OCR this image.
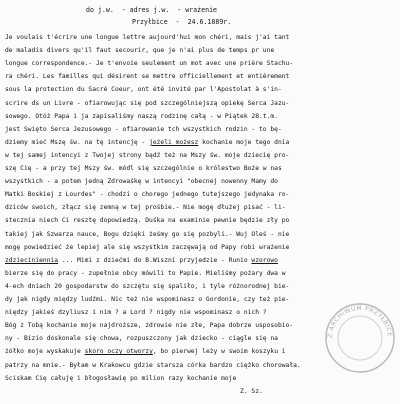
do j.w.  - adres j.w.  - wrażenie
Przyłbice  -  24.6.1889r.
Je voulais t'écrire une longue lettre aujourd'hui mon chéri, mais j'ai tant
de maladis divers qu'il faut secourir, que je n'ai plus de temps pr une
longue correspondence.- Je t'envoie seulement un mot avec une prière Stachu-
ra chéri. Les familles qui désirent se mettre officiellement et entièrement
sous la protection du Sacré Coeur, ont été invité par l'Apostolat à s'in-
scrire ds un Livre - ofiarowując się pod szczególniejszą opiekę Serca Jazu-
sowego. Otóż Papa i ja zapisaliśmy naszą rodzinę całą - w Piątek 28.t.m.
jest Święto Serca Jezusowego - ofiarowanie tch wszystkich rodzin - to bę-
dziemy mieć Mszę św. na tę intencję - jeżeli możesz kochanie moje tego dnia
w tej samej intencyi z Twojej strony bądź też na Mszy św. moje dziecię pro-
szę Cię - a przy tej Mszy św. módl się szczególnie o królestwo Boże w nas
wszystkich - a potem jedną Zdrowaśkę w intencyi "obecnej nowenny Mamy do
Matki Boskiej z Lourdes" - chodzi o chorego jednego tutejszego jedynaka ro-
dziców swoich, złącz się zemną w tej prośbie.- Nie mogę dłużej pisać - li-
stecznia niech Ci resztę dopowiedzą. Duśka na examinie pewnie będzie zły po
takiej jak Szwarza nauce, Bogu dzięki żeśmy go się pozbyli.- Wuj Oleś - nie
mogę powiedzieć że lepiej ale się wszystkim zaczęwają od Papy robi wrażenie
zdzieciniennia ... Mimi z dziećmi do B.Wiszni przyjedzie - Runio wzorowo
bierze się do pracy - zupełnie obcy mówili to Papie. Mieliśmy pożary dwa w
4-ech dniach 20 gospodarstw do szczętu się spaliło, i tyle różnorodnej bie-
dy jak nigdy między ludźmi. Nic też nie wspominasz o Gordonie, czy też pie-
niędzy jakieś dzyliusz i nim ? a Lord ? nigdy nie wspominasz o nich ?
Bóg z Tobą kochanie moje najdroższe, zdrowie nie złe, Papa dobrze usposobio-
ny - Bizio doskonale się chowa, rozpuszczony jak dziecko - ciągle się na
żółko moje wyskakuje skoro oczy otworzy, bo pierwej leży w swoim koszyku i
patrzy na mnie.- Byłam w Krakowcu gdzie starsza córka bardzo ciężko chorowała.
Ściskam Cię całuję i błogosławię po milion razy kochanie moje
Z. Sz.
Z ARCHIWUM PRZYŁBICE
